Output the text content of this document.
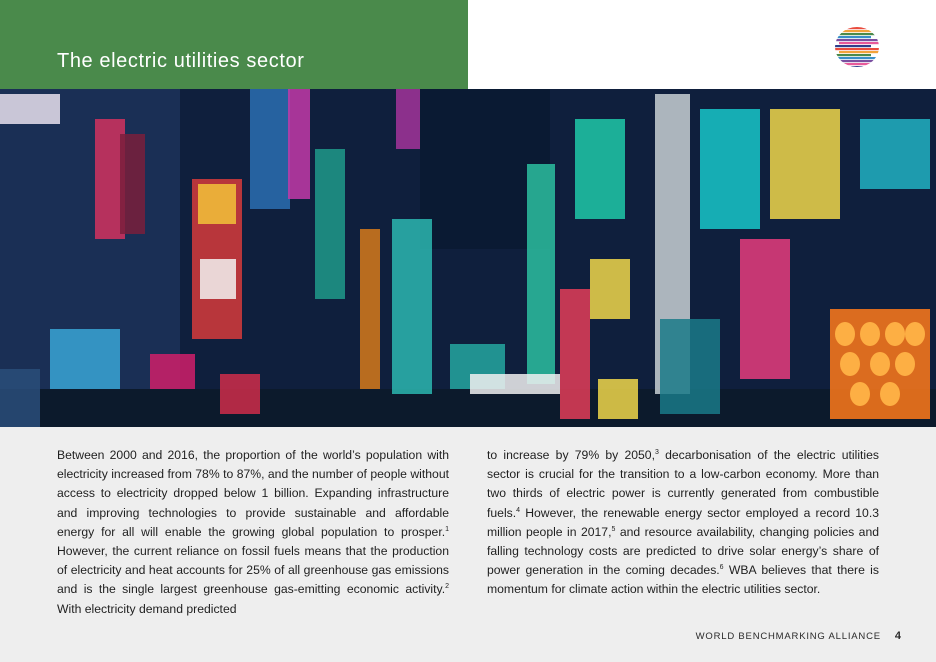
The electric utilities sector

Between 2000 and 2016, the proportion of the world’s population with electricity increased from 78% to 87%, and the number of people without access to electricity dropped below 1 billion. Expanding infrastructure and improving technologies to provide sustainable and affordable energy for all will enable the growing global population to prosper.$^1$ However, the current reliance on fossil fuels means that the production of electricity and heat accounts for 25% of all greenhouse gas emissions and is the single largest greenhouse gas-emitting economic activity.$^2$ With electricity demand predicted

to increase by 79% by 2050,$^3$ decarbonisation of the electric utilities sector is crucial for the transition to a low-carbon economy. More than two thirds of electric power is currently generated from combustible fuels.$^4$ However, the renewable energy sector employed a record 10.3 million people in 2017,$^5$ and resource availability, changing policies and falling technology costs are predicted to drive solar energy’s share of power generation in the coming decades.$^6$ WBA believes that there is momentum for climate action within the electric utilities sector.

WORLD BENCHMARKING ALLIANCE 4
